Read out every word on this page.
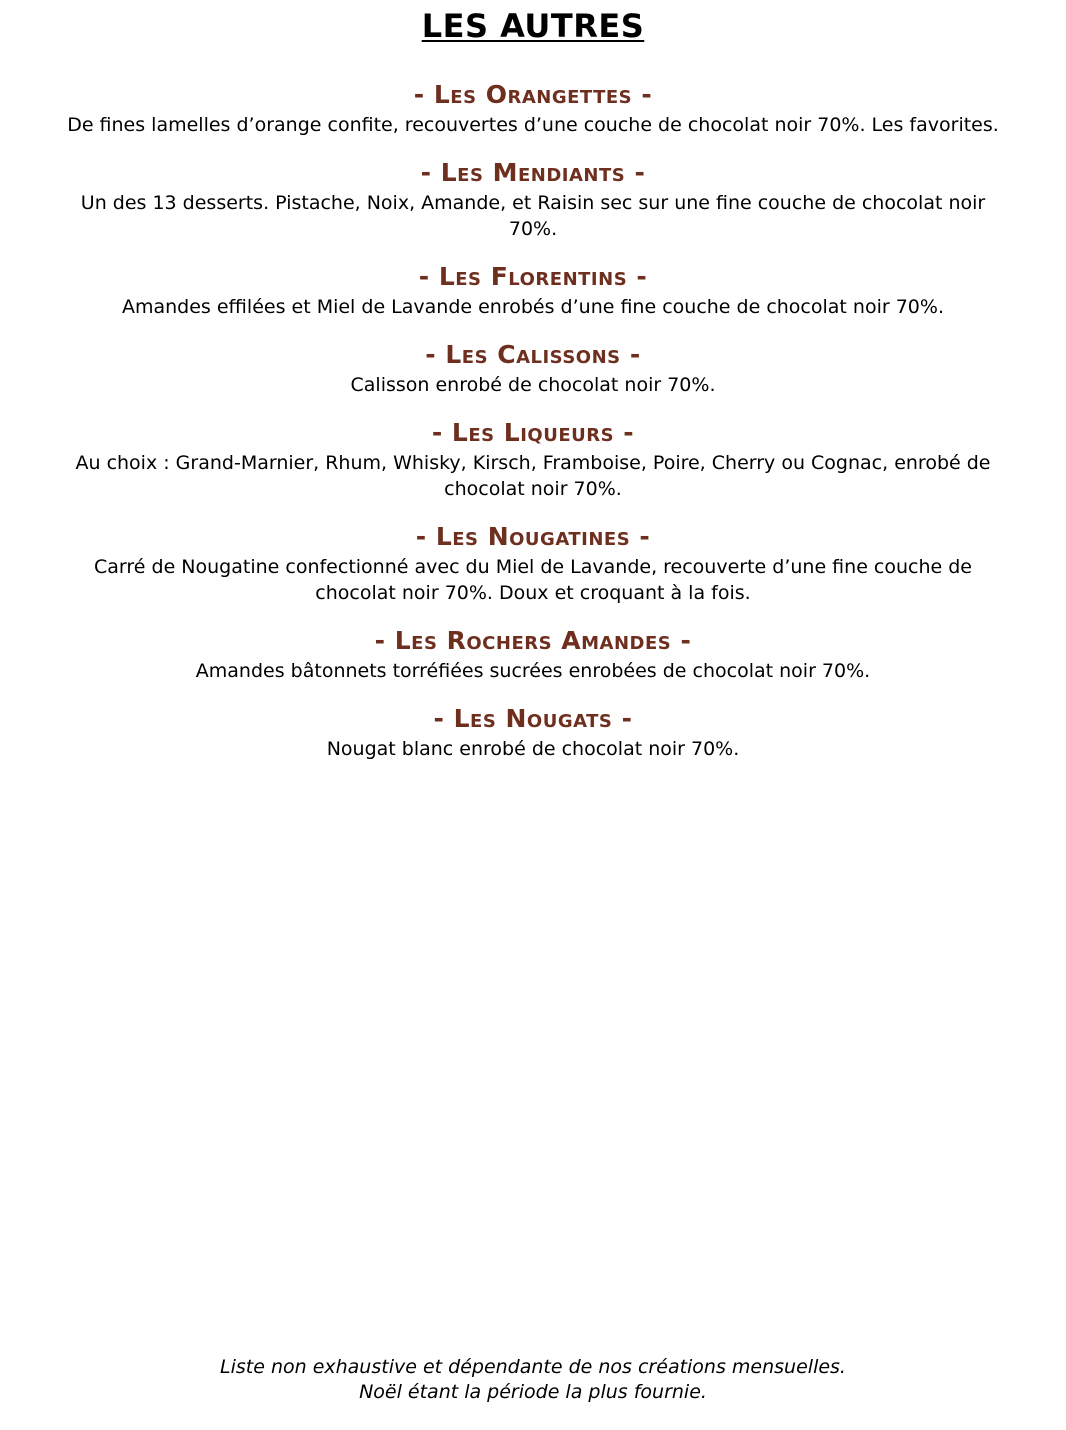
LES AUTRES
- Les Orangettes -

De fines lamelles d’orange confite, recouvertes d’une couche de chocolat noir 70%. Les favorites.

- Les Mendiants -

Un des 13 desserts. Pistache, Noix, Amande, et Raisin sec sur une fine couche de chocolat noir 70%.

- Les Florentins -

Amandes effilées et Miel de Lavande enrobés d’une fine couche de chocolat noir 70%.

- Les Calissons -

Calisson enrobé de chocolat noir 70%.

- Les Liqueurs -

Au choix : Grand-Marnier, Rhum, Whisky, Kirsch, Framboise, Poire, Cherry ou Cognac, enrobé de chocolat noir 70%.

- Les Nougatines -

Carré de Nougatine confectionné avec du Miel de Lavande, recouverte d’une fine couche de chocolat noir 70%. Doux et croquant à la fois.

- Les Rochers Amandes -

Amandes bâtonnets torréfiées sucrées enrobées de chocolat noir 70%.

- Les Nougats -

Nougat blanc enrobé de chocolat noir 70%.

Liste non exhaustive et dépendante de nos créations mensuelles.

Noël étant la période la plus fournie.
